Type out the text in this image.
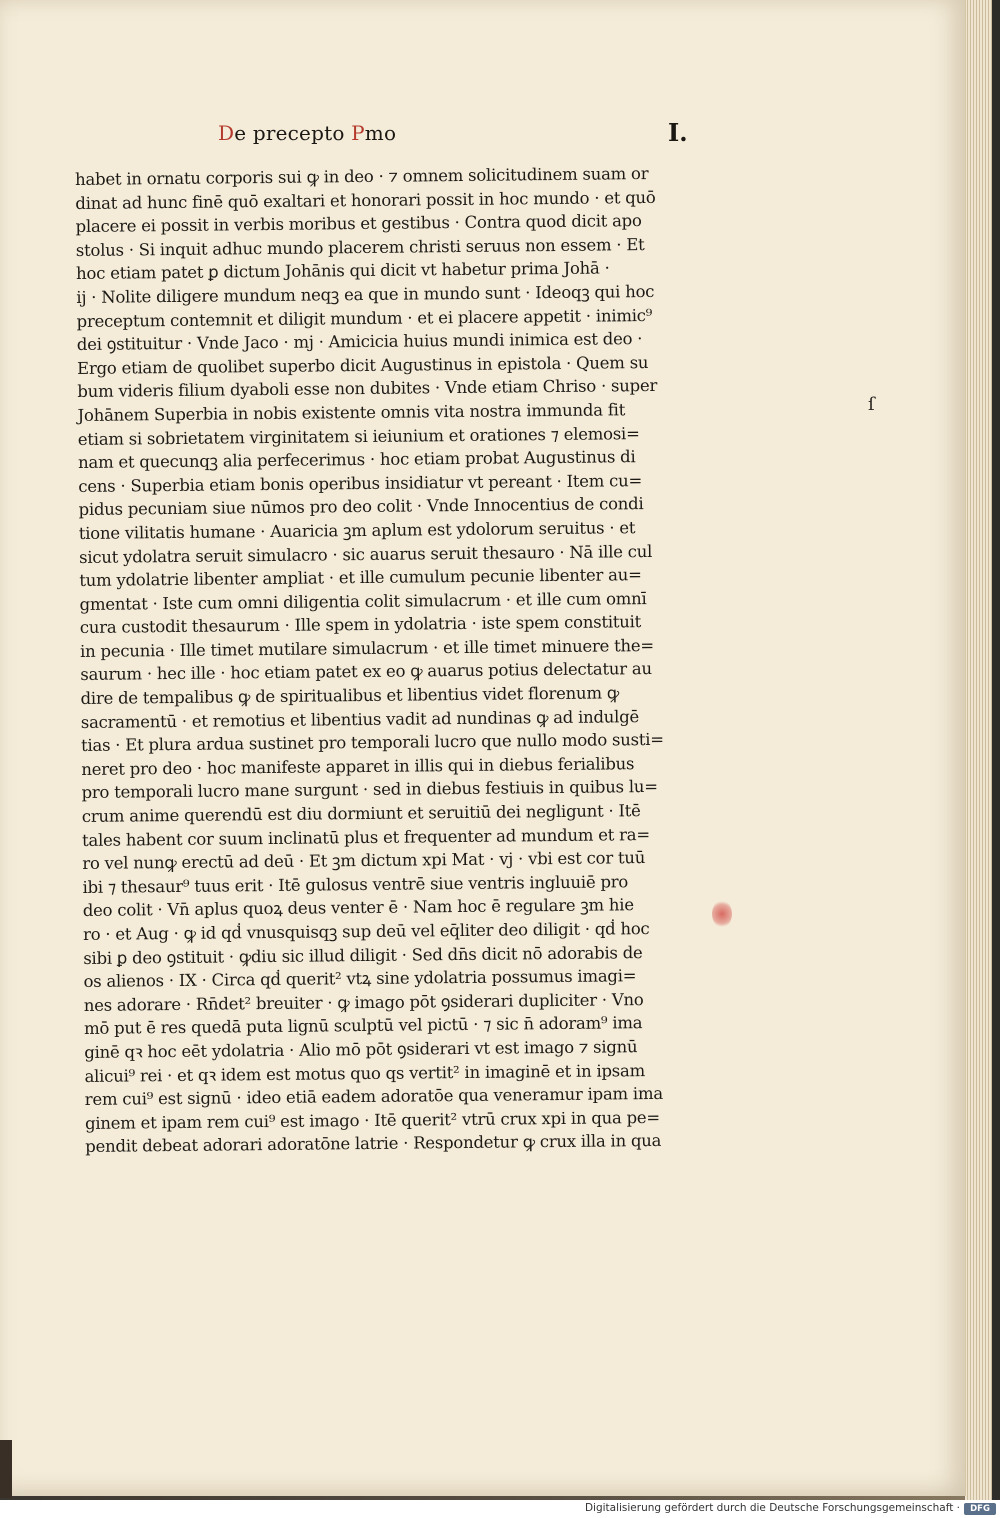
De precepto Pmo	I.
habet in ornatu corporis sui ꝙ in deo · ⁊ omnem solicitudinem suam or
dinat ad hunc finē quō exaltari et honorari possit in hoc mundo · et quō
placere ei possit in verbis moribus et gestibus · Contra quod dicit apo
stolus · Si inquit adhuc mundo placerem christi seruus non essem · Et
hoc etiam patet ꝑ dictum Johānis qui dicit vt habetur prima Johā ·
ij · Nolite diligere mundum neqꝫ ea que in mundo sunt · Ideoqꝫ qui hoc
preceptum contemnit et diligit mundum · et ei placere appetit · inimic⁹
dei ꝯstituitur · Vnde Jaco · mj · Amicicia huius mundi inimica est deo ·
Ergo etiam de quolibet superbo dicit Augustinus in epistola · Quem su
bum videris filium dyaboli esse non dubites · Vnde etiam Chriso · super
Johānem Superbia in nobis existente omnis vita nostra immunda fit
etiam si sobrietatem virginitatem si ieiunium et orationes ⁊ elemosi=
nam et quecunqꝫ alia perfecerimus · hoc etiam probat Augustinus di
cens · Superbia etiam bonis operibus insidiatur vt pereant · Item cu=
pidus pecuniam siue nūmos pro deo colit · Vnde Innocentius de condi
tione vilitatis humane · Auaricia ꝫm aplum est ydolorum seruitus · et
sicut ydolatra seruit simulacro · sic auarus seruit thesauro · Nā ille cul
tum ydolatrie libenter ampliat · et ille cumulum pecunie libenter au=
gmentat · Iste cum omni diligentia colit simulacrum · et ille cum omnī
cura custodit thesaurum · Ille spem in ydolatria · iste spem constituit
in pecunia · Ille timet mutilare simulacrum · et ille timet minuere the=
saurum · hec ille · hoc etiam patet ex eo ꝙ auarus potius delectatur au
dire de tempalibus ꝙ de spiritualibus et libentius videt florenum ꝙ
sacramentū · et remotius et libentius vadit ad nundinas ꝙ ad indulgē
tias · Et plura ardua sustinet pro temporali lucro que nullo modo susti=
neret pro deo · hoc manifeste apparet in illis qui in diebus ferialibus
pro temporali lucro mane surgunt · sed in diebus festiuis in quibus lu=
crum anime querendū est diu dormiunt et seruitiū dei negligunt · Itē
tales habent cor suum inclinatū plus et frequenter ad mundum et ra=
ro vel nunꝙ erectū ad deū · Et ꝫm dictum xpi Mat · vj · vbi est cor tuū
ibi ⁊ thesaur⁹ tuus erit · Itē gulosus ventrē siue ventris ingluuiē pro
deo colit · Vn̄ aplus quoꝝ deus venter ē · Nam hoc ē regulare ꝫm hie
ro · et Aug · ꝙ id qḋ vnusquisqꝫ sup deū vel eq̄liter deo diligit · qḋ hoc
sibi ꝑ deo ꝯstituit · ꝙdiu sic illud diligit · Sed dn̄s dicit nō adorabis de
os alienos · IX · Circa qḋ querit² vtꝝ sine ydolatria possumus imagi=
nes adorare · Rn̄det² breuiter · ꝙ imago pōt ꝯsiderari dupliciter · Vno
mō put ē res quedā puta lignū sculptū vel pictū · ⁊ sic n̄ adoram⁹ ima
ginē qꝛ hoc eēt ydolatria · Alio mō pōt ꝯsiderari vt est imago ⁊ signū
alicui⁹ rei · et qꝛ idem est motus quo qs vertit² in imaginē et in ipsam
rem cui⁹ est signū · ideo etiā eadem adoratōe qua veneramur ipam ima
ginem et ipam rem cui⁹ est imago · Itē querit² vtrū crux xpi in qua pe=
pendit debeat adorari adoratōne latrie · Respondetur ꝙ crux illa in qua
ſ
Digitalisierung gefördert durch die Deutsche Forschungsgemeinschaft ·	DFG
